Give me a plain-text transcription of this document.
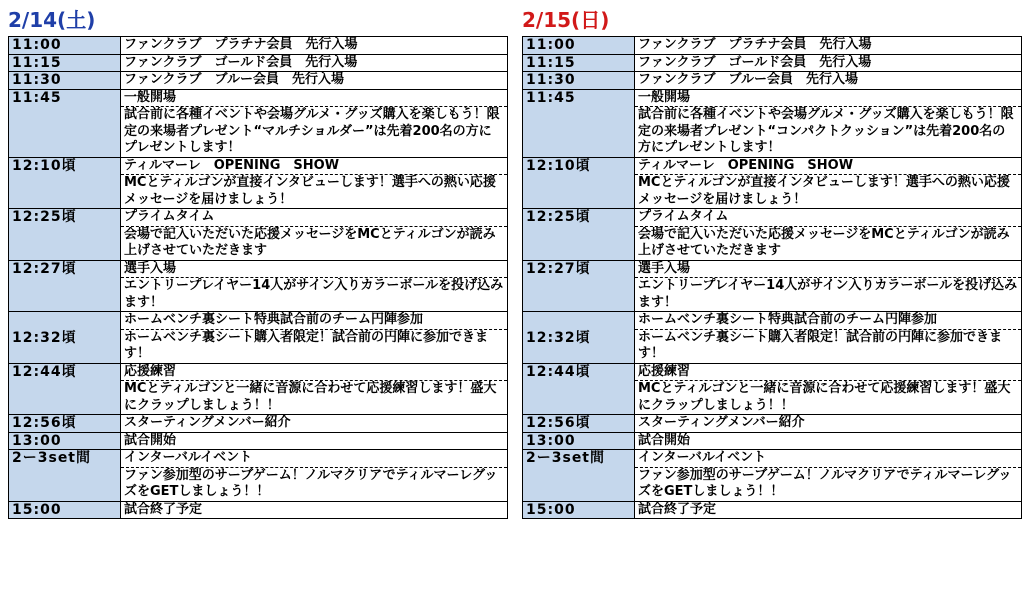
2/14(土)	2/15(日)
11:00	ファンクラブ　プラチナ会員　先行入場
11:15	ファンクラブ　ゴールド会員　先行入場
11:30	ファンクラブ　ブルー会員　先行入場
11:45	一般開場
	試合前に各種イベントや会場グルメ・グッズ購入を楽しもう！限定の来場者プレゼント“マルチショルダー”は先着200名の方にプレゼントします！
12:10頃	ティルマーレ　OPENING　SHOW
	MCとティルゴンが直接インタビューします！選手への熱い応援メッセージを届けましょう！
12:25頃	プライムタイム
	会場で記入いただいた応援メッセージをMCとティルゴンが読み上げさせていただきます
12:27頃	選手入場
	エントリープレイヤー14人がサイン入りカラーボールを投げ込みます！
12:32頃	ホームベンチ裏シート特典試合前のチーム円陣参加
	ホームベンチ裏シート購入者限定！試合前の円陣に参加できます！
12:44頃	応援練習
	MCとティルゴンと一緒に音源に合わせて応援練習します！盛大にクラップしましょう！！
12:56頃	スターティングメンバー紹介
13:00	試合開始
2ー3set間	インターバルイベント
	ファン参加型のサーブゲーム！ノルマクリアでティルマーレグッズをGETしましょう！！
15:00	試合終了予定
11:00	ファンクラブ　プラチナ会員　先行入場
11:15	ファンクラブ　ゴールド会員　先行入場
11:30	ファンクラブ　ブルー会員　先行入場
11:45	一般開場
	試合前に各種イベントや会場グルメ・グッズ購入を楽しもう！限定の来場者プレゼント“コンパクトクッション”は先着200名の方にプレゼントします！
12:10頃	ティルマーレ　OPENING　SHOW
	MCとティルゴンが直接インタビューします！選手への熱い応援メッセージを届けましょう！
12:25頃	プライムタイム
	会場で記入いただいた応援メッセージをMCとティルゴンが読み上げさせていただきます
12:27頃	選手入場
	エントリープレイヤー14人がサイン入りカラーボールを投げ込みます！
12:32頃	ホームベンチ裏シート特典試合前のチーム円陣参加
	ホームベンチ裏シート購入者限定！試合前の円陣に参加できます！
12:44頃	応援練習
	MCとティルゴンと一緒に音源に合わせて応援練習します！盛大にクラップしましょう！！
12:56頃	スターティングメンバー紹介
13:00	試合開始
2ー3set間	インターバルイベント
	ファン参加型のサーブゲーム！ノルマクリアでティルマーレグッズをGETしましょう！！
15:00	試合終了予定
